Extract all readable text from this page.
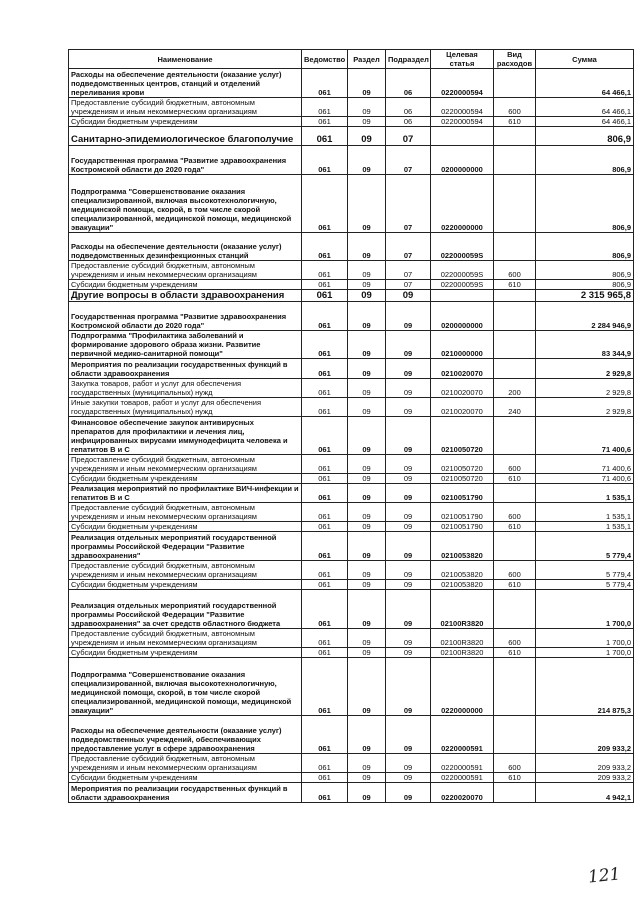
Наименование	Ведомство	Раздел	Подраздел	Целевая статья	Вид расходов	Сумма
Расходы на обеспечение деятельности (оказание услуг) подведомственных центров, станций и отделений переливания крови	061	09	06	0220000594		64 466,1
Предоставление субсидий бюджетным, автономным учреждениям и иным некоммерческим организациям	061	09	06	0220000594	600	64 466,1
Субсидии бюджетным учреждениям	061	09	06	0220000594	610	64 466,1
Санитарно-эпидемиологическое благополучие	061	09	07			806,9
Государственная программа "Развитие здравоохранения Костромской области до 2020 года"	061	09	07	0200000000		806,9
Подпрограмма "Совершенствование оказания специализированной, включая высокотехнологичную, медицинской помощи, скорой, в том числе скорой специализированной, медицинской помощи, медицинской эвакуации"	061	09	07	0220000000		806,9
Расходы на обеспечение деятельности (оказание услуг) подведомственных дезинфекционных станций	061	09	07	022000059S		806,9
Предоставление субсидий бюджетным, автономным учреждениям и иным некоммерческим организациям	061	09	07	022000059S	600	806,9
Субсидии бюджетным учреждениям	061	09	07	022000059S	610	806,9
Другие вопросы в области здравоохранения	061	09	09			2 315 965,8
Государственная программа "Развитие здравоохранения Костромской области до 2020 года"	061	09	09	0200000000		2 284 946,9
Подпрограмма "Профилактика заболеваний и формирование здорового образа жизни. Развитие первичной медико-санитарной помощи"	061	09	09	0210000000		83 344,9
Мероприятия по реализации государственных функций в области здравоохранения	061	09	09	0210020070		2 929,8
Закупка товаров, работ и услуг для обеспечения государственных (муниципальных) нужд	061	09	09	0210020070	200	2 929,8
Иные закупки товаров, работ и услуг для обеспечения государственных (муниципальных) нужд	061	09	09	0210020070	240	2 929,8
Финансовое обеспечение закупок антивирусных препаратов для профилактики и лечения лиц, инфицированных вирусами иммунодефицита человека и гепатитов В и С	061	09	09	0210050720		71 400,6
Предоставление субсидий бюджетным, автономным учреждениям и иным некоммерческим организациям	061	09	09	0210050720	600	71 400,6
Субсидии бюджетным учреждениям	061	09	09	0210050720	610	71 400,6
Реализация мероприятий по профилактике ВИЧ-инфекции и гепатитов В и С	061	09	09	0210051790		1 535,1
Предоставление субсидий бюджетным, автономным учреждениям и иным некоммерческим организациям	061	09	09	0210051790	600	1 535,1
Субсидии бюджетным учреждениям	061	09	09	0210051790	610	1 535,1
Реализация отдельных мероприятий государственной программы Российской Федерации "Развитие здравоохранения"	061	09	09	0210053820		5 779,4
Предоставление субсидий бюджетным, автономным учреждениям и иным некоммерческим организациям	061	09	09	0210053820	600	5 779,4
Субсидии бюджетным учреждениям	061	09	09	0210053820	610	5 779,4
Реализация отдельных мероприятий государственной программы Российской Федерации "Развитие здравоохранения" за счет средств областного бюджета	061	09	09	02100R3820		1 700,0
Предоставление субсидий бюджетным, автономным учреждениям и иным некоммерческим организациям	061	09	09	02100R3820	600	1 700,0
Субсидии бюджетным учреждениям	061	09	09	02100R3820	610	1 700,0
Подпрограмма "Совершенствование оказания специализированной, включая высокотехнологичную, медицинской помощи, скорой, в том числе скорой специализированной, медицинской помощи, медицинской эвакуации"	061	09	09	0220000000		214 875,3
Расходы на обеспечение деятельности (оказание услуг) подведомственных учреждений, обеспечивающих предоставление услуг в сфере здравоохранения	061	09	09	0220000591		209 933,2
Предоставление субсидий бюджетным, автономным учреждениям и иным некоммерческим организациям	061	09	09	0220000591	600	209 933,2
Субсидии бюджетным учреждениям	061	09	09	0220000591	610	209 933,2
Мероприятия по реализации государственных функций в области здравоохранения	061	09	09	0220020070		4 942,1
121
